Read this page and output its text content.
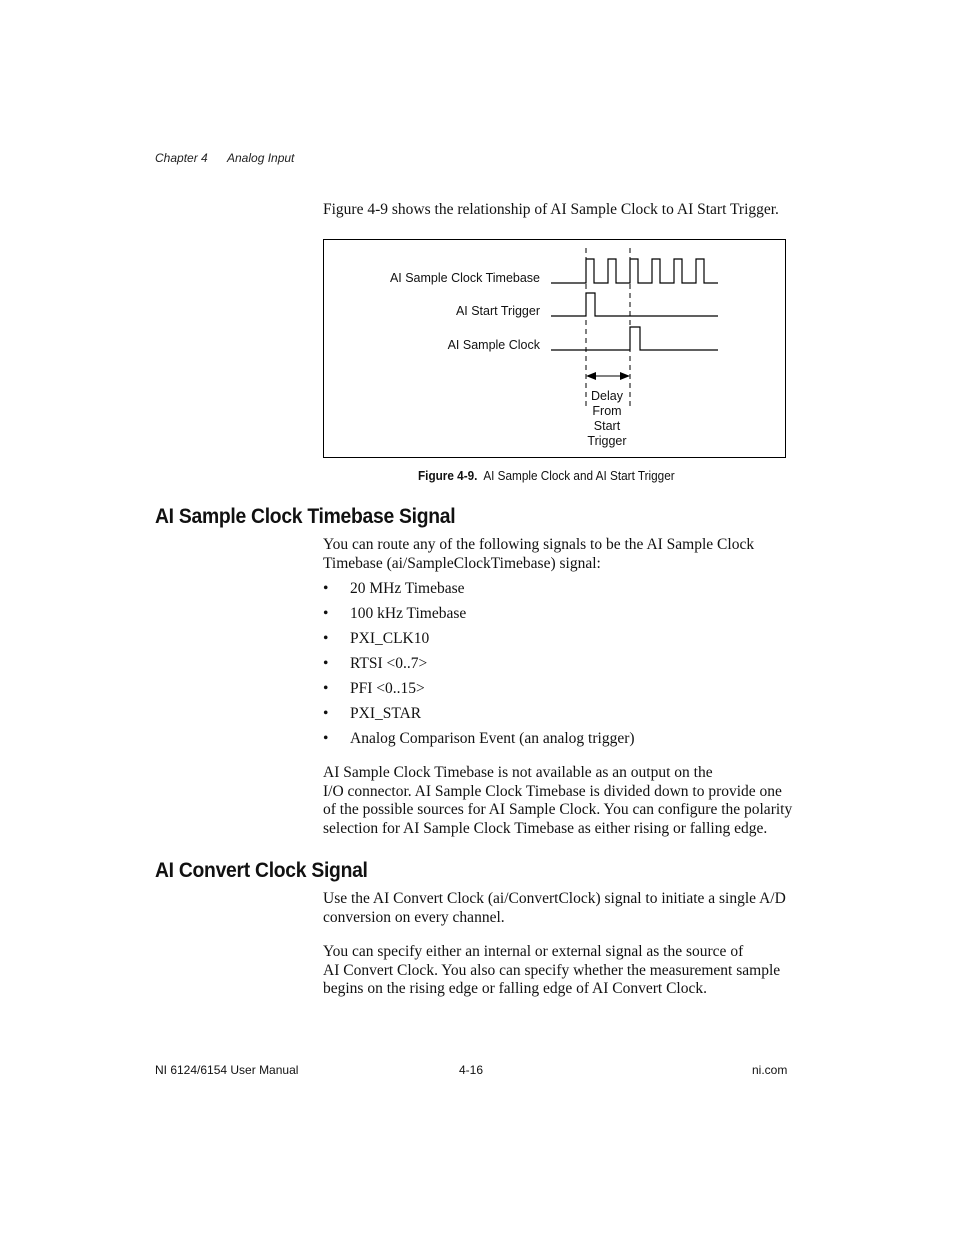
Chapter 4 Analog Input
Figure 4-9 shows the relationship of AI Sample Clock to AI Start Trigger.
AI Sample Clock Timebase
AI Start Trigger
AI Sample Clock
Delay
From
Start
Trigger
Figure 4-9. AI Sample Clock and AI Start Trigger
AI Sample Clock Timebase Signal
You can route any of the following signals to be the AI Sample Clock
Timebase (ai/SampleClockTimebase) signal:
• 20 MHz Timebase
• 100 kHz Timebase
• PXI_CLK10
• RTSI <0..7>
• PFI <0..15>
• PXI_STAR
• Analog Comparison Event (an analog trigger)
AI Sample Clock Timebase is not available as an output on the
I/O connector. AI Sample Clock Timebase is divided down to provide one
of the possible sources for AI Sample Clock. You can configure the polarity
selection for AI Sample Clock Timebase as either rising or falling edge.
AI Convert Clock Signal
Use the AI Convert Clock (ai/ConvertClock) signal to initiate a single A/D
conversion on every channel.
You can specify either an internal or external signal as the source of
AI Convert Clock. You also can specify whether the measurement sample
begins on the rising edge or falling edge of AI Convert Clock.
NI 6124/6154 User Manual	4-16	ni.com
